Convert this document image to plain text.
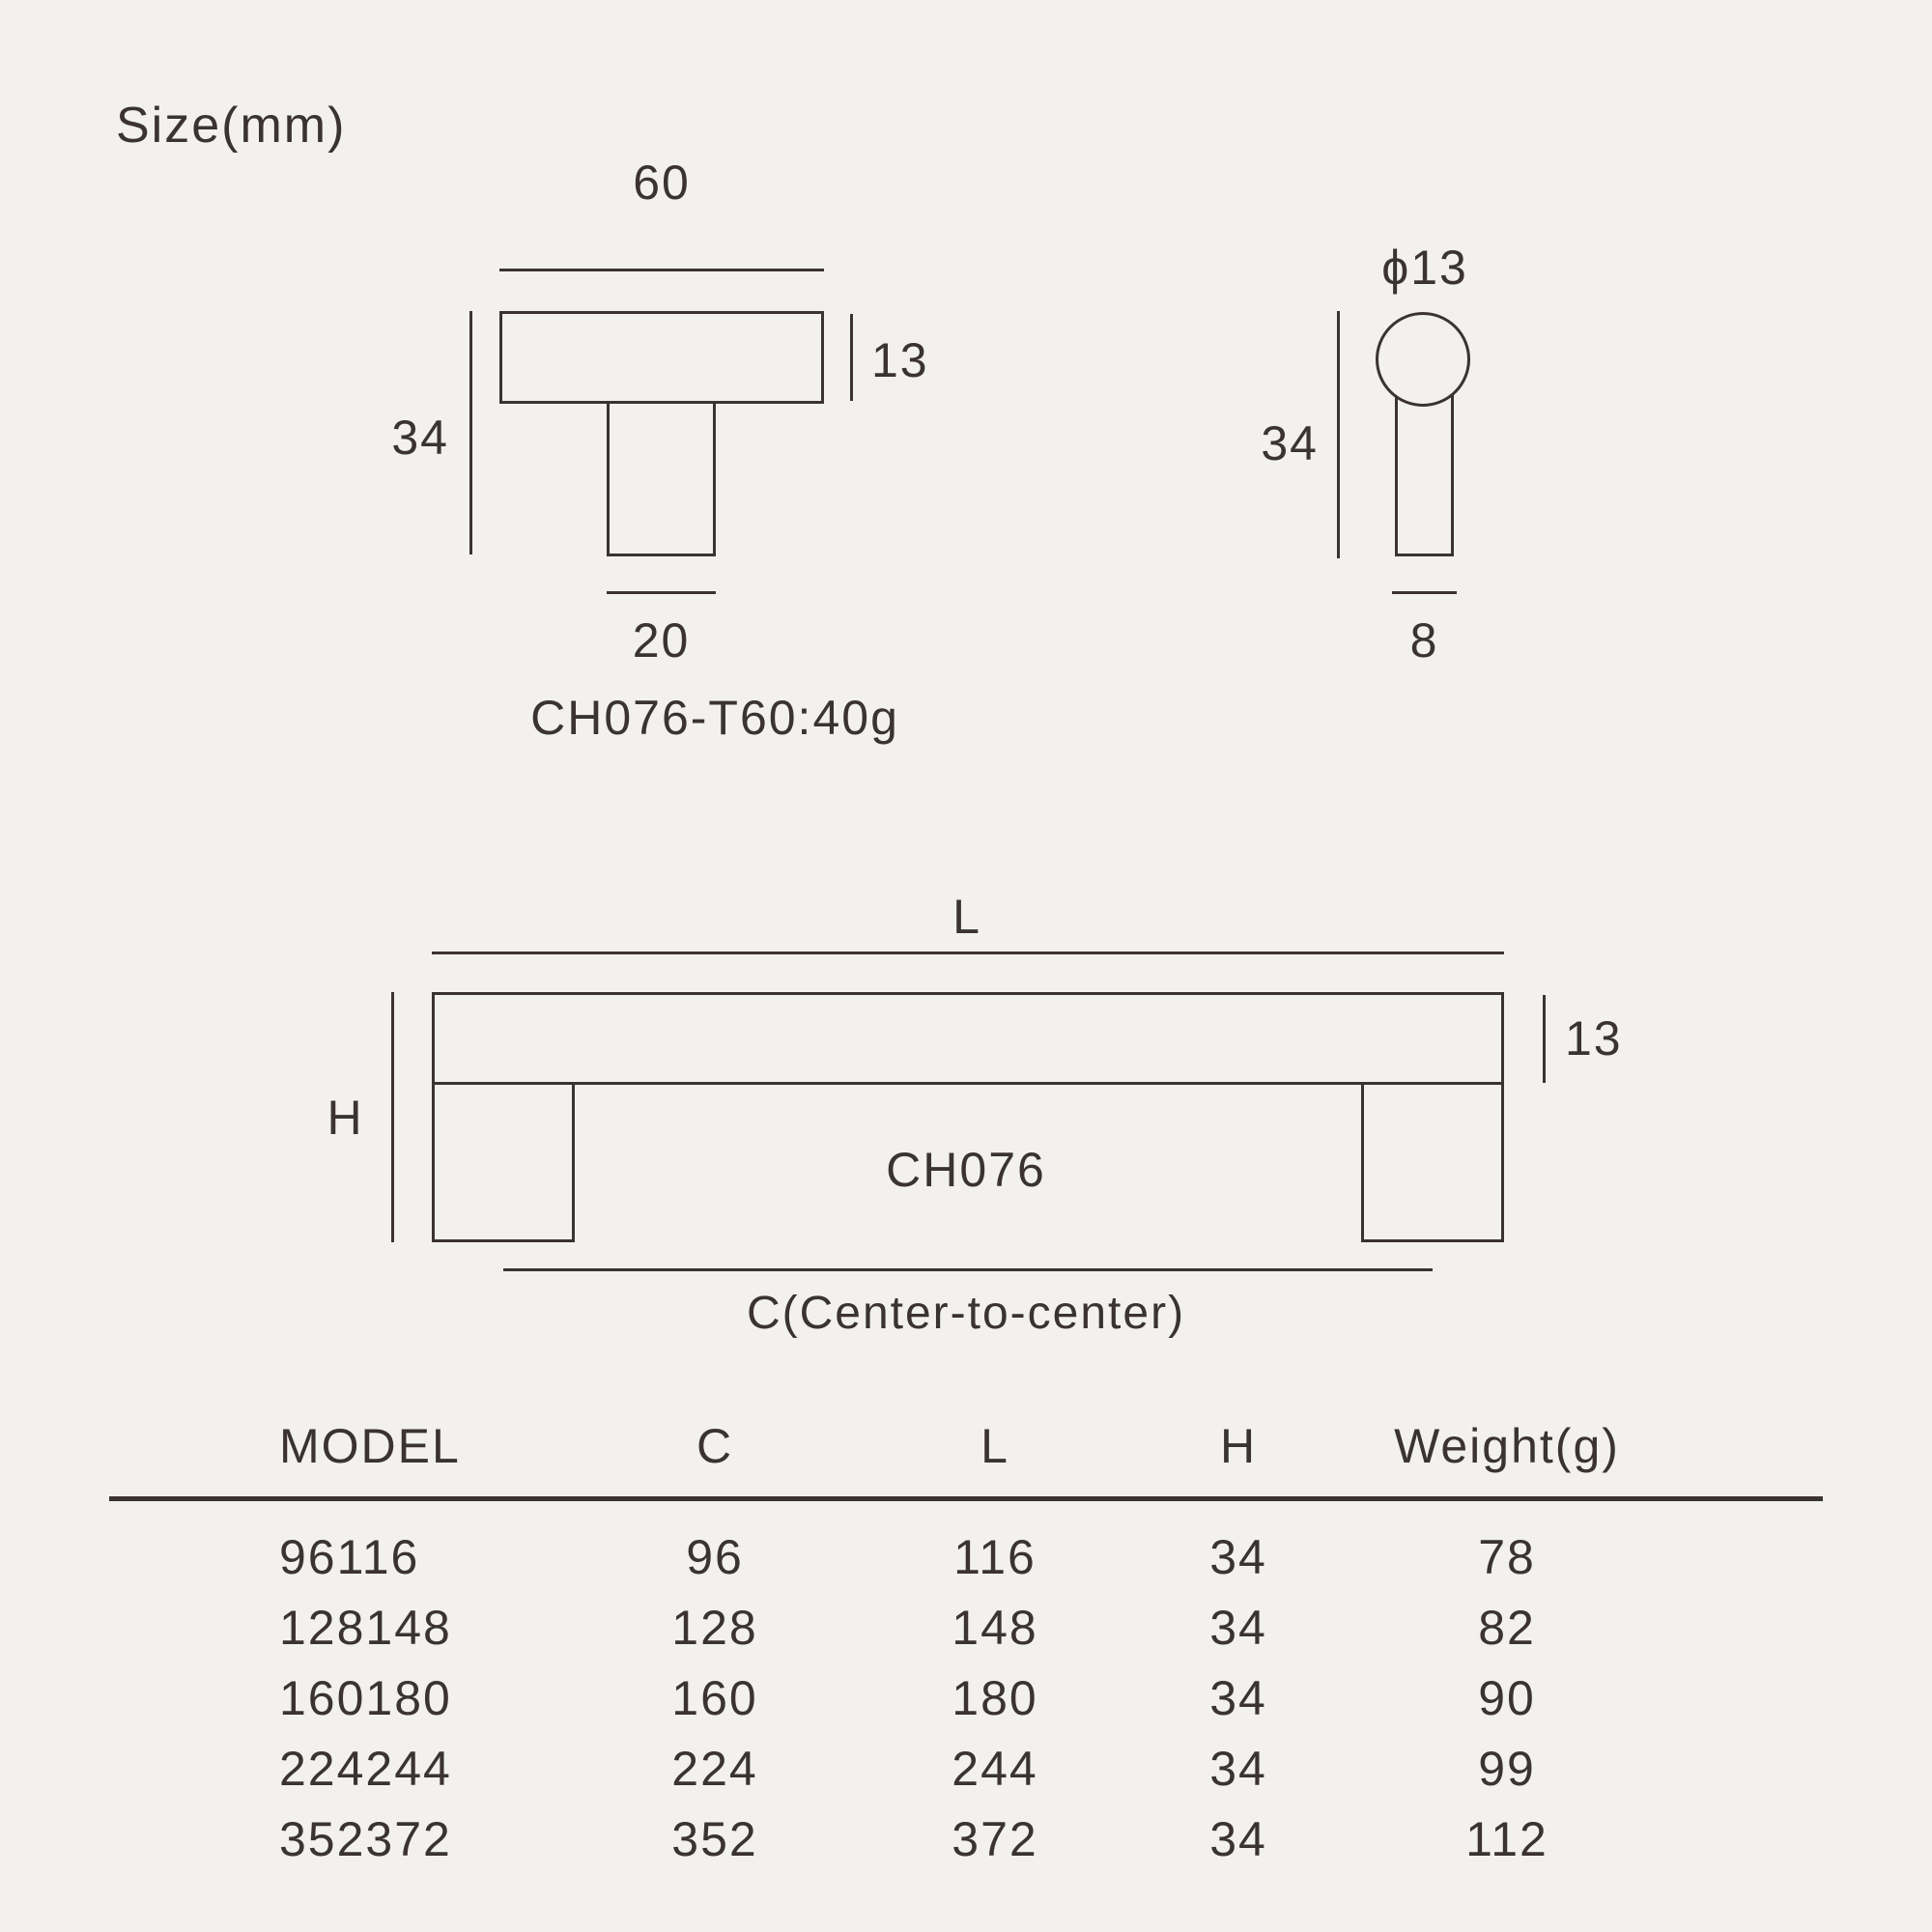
Size(mm)
60
13
34
20
CH076-T60:40g
ϕ13
34
8
L
13
H
CH076
C(Center-to-center)
MODEL	C	L	H	Weight(g)
96116	96	116	34	78
128148	128	148	34	82
160180	160	180	34	90
224244	224	244	34	99
352372	352	372	34	112
